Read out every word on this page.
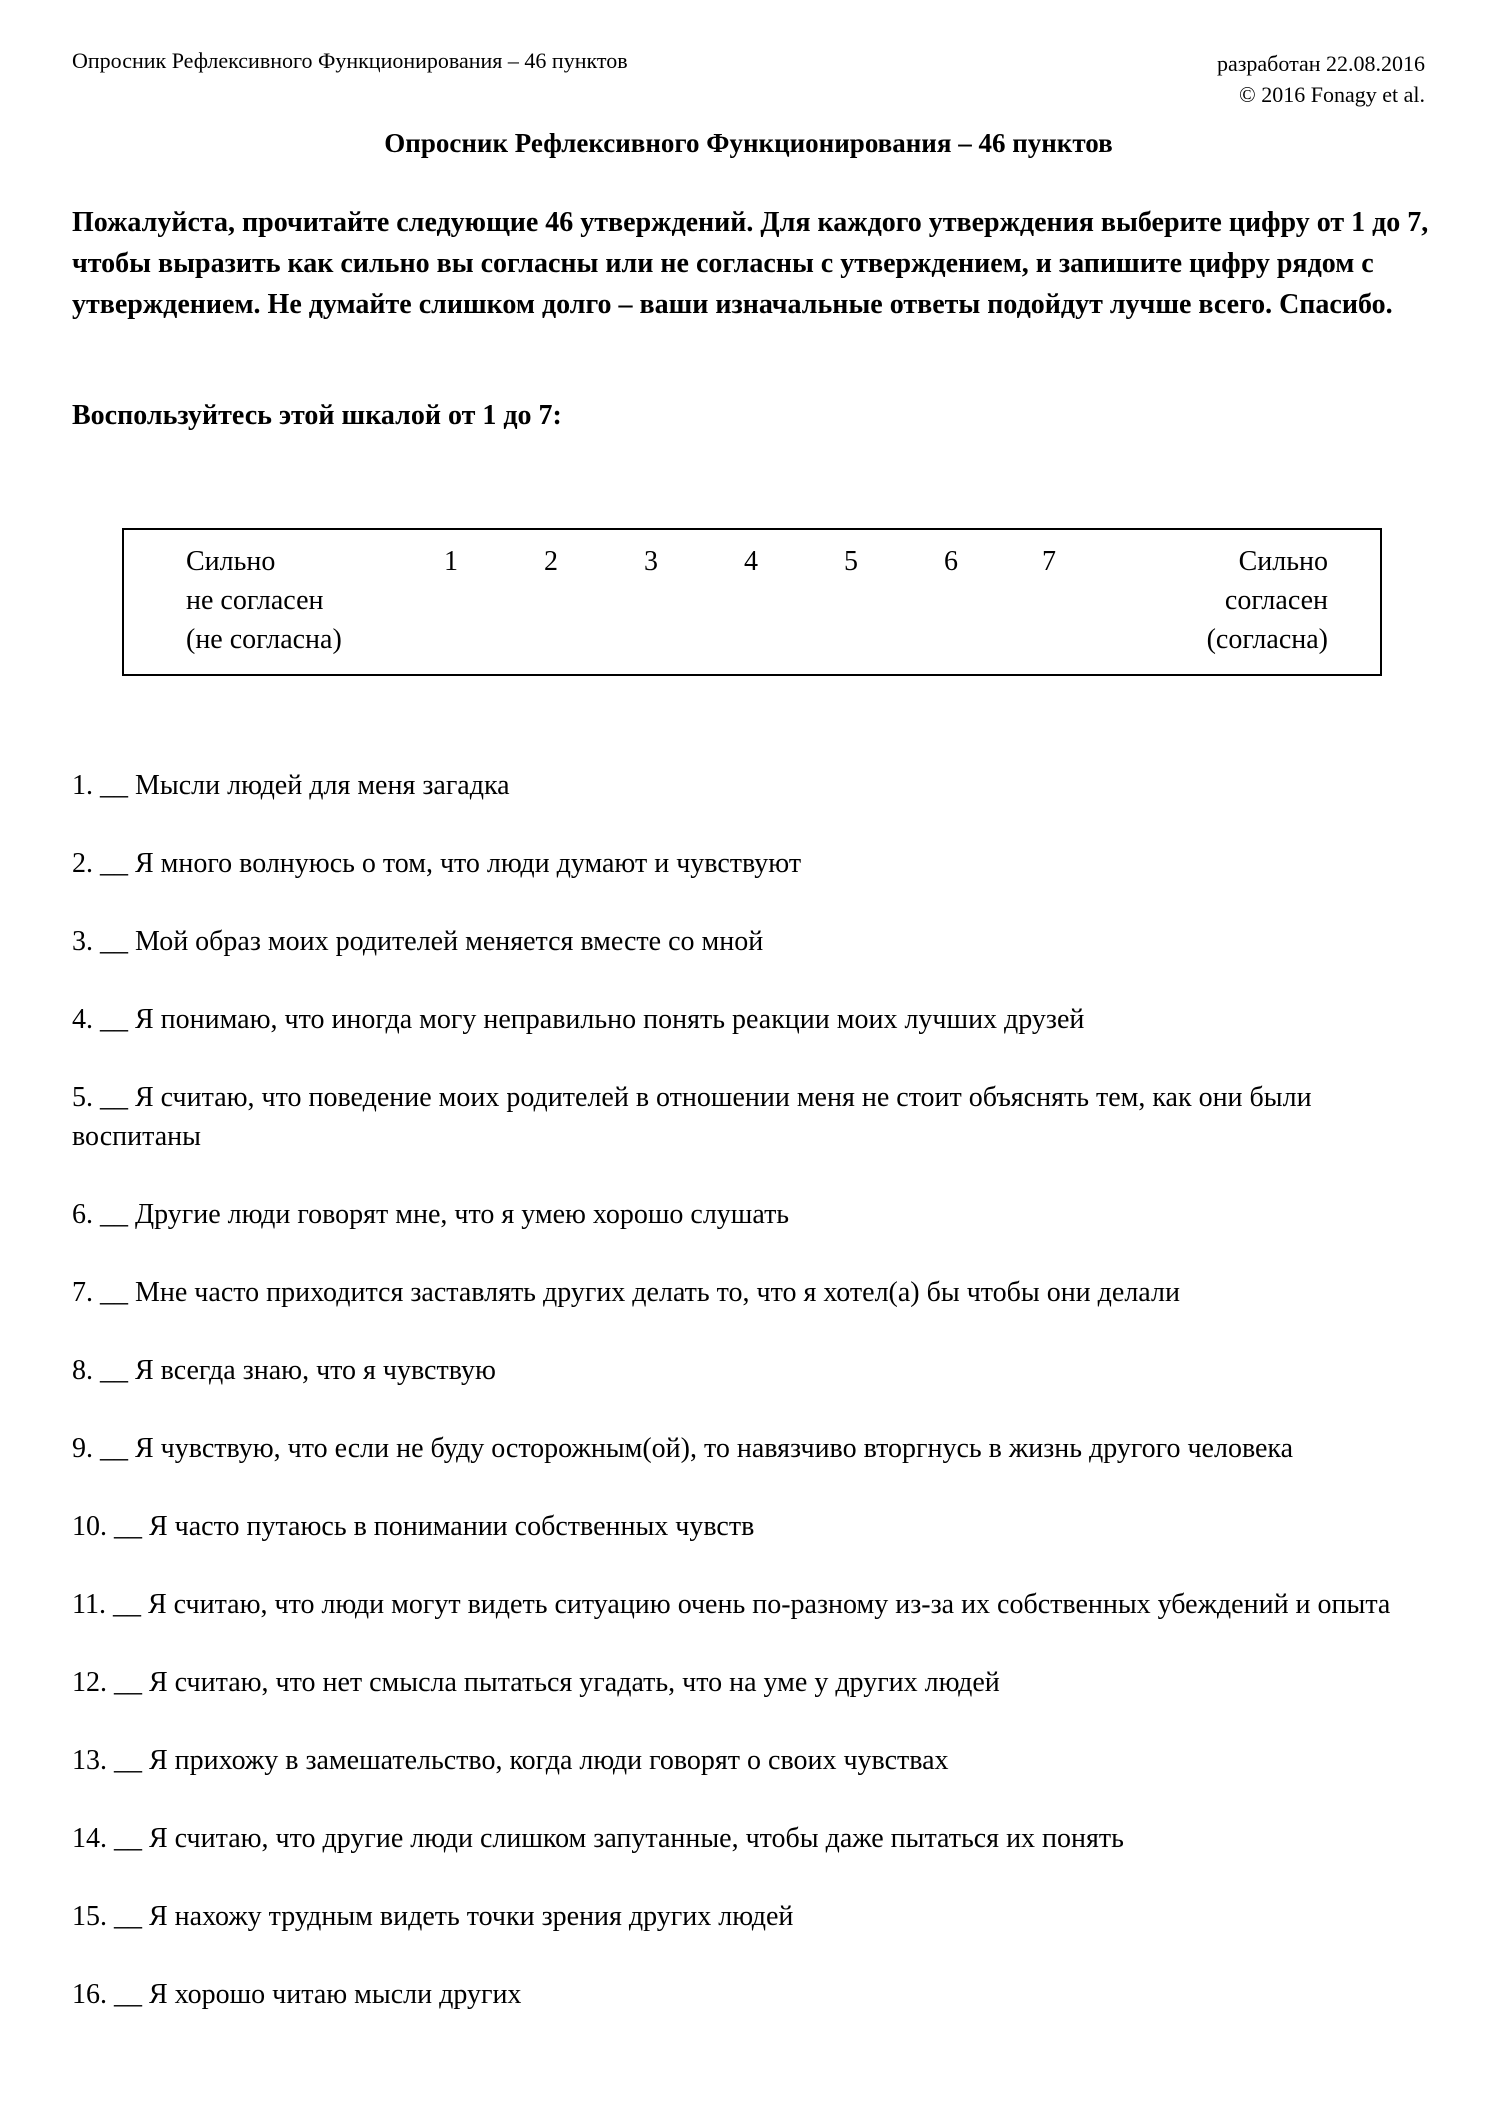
Опросник Рефлексивного Функционирования – 46 пунктов	разработан 22.08.2016
© 2016 Fonagy et al.
Опросник Рефлексивного Функционирования – 46 пунктов
Пожалуйста, прочитайте следующие 46 утверждений. Для каждого утверждения выберите цифру от 1 до 7, чтобы выразить как сильно вы согласны или не согласны с утверждением, и запишите цифру рядом с утверждением. Не думайте слишком долго – ваши изначальные ответы подойдут лучше всего. Спасибо.
Воспользуйтесь этой шкалой от 1 до 7:
Сильно
не согласен
(не согласна)
1	2	3	4	5	6	7	Сильно
согласен
(согласна)
1. __ Мысли людей для меня загадка
2. __ Я много волнуюсь о том, что люди думают и чувствуют
3. __ Мой образ моих родителей меняется вместе со мной
4. __ Я понимаю, что иногда могу неправильно понять реакции моих лучших друзей
5. __ Я считаю, что поведение моих родителей в отношении меня не стоит объяснять тем, как они были воспитаны
6. __ Другие люди говорят мне, что я умею хорошо слушать
7. __ Мне часто приходится заставлять других делать то, что я хотел(а) бы чтобы они делали
8. __ Я всегда знаю, что я чувствую
9. __ Я чувствую, что если не буду осторожным(ой), то навязчиво вторгнусь в жизнь другого человека
10. __ Я часто путаюсь в понимании собственных чувств
11. __ Я считаю, что люди могут видеть ситуацию очень по-разному из-за их собственных убеждений и опыта
12. __ Я считаю, что нет смысла пытаться угадать, что на уме у других людей
13. __ Я прихожу в замешательство, когда люди говорят о своих чувствах
14. __ Я считаю, что другие люди слишком запутанные, чтобы даже пытаться их понять
15. __ Я нахожу трудным видеть точки зрения других людей
16. __ Я хорошо читаю мысли других
